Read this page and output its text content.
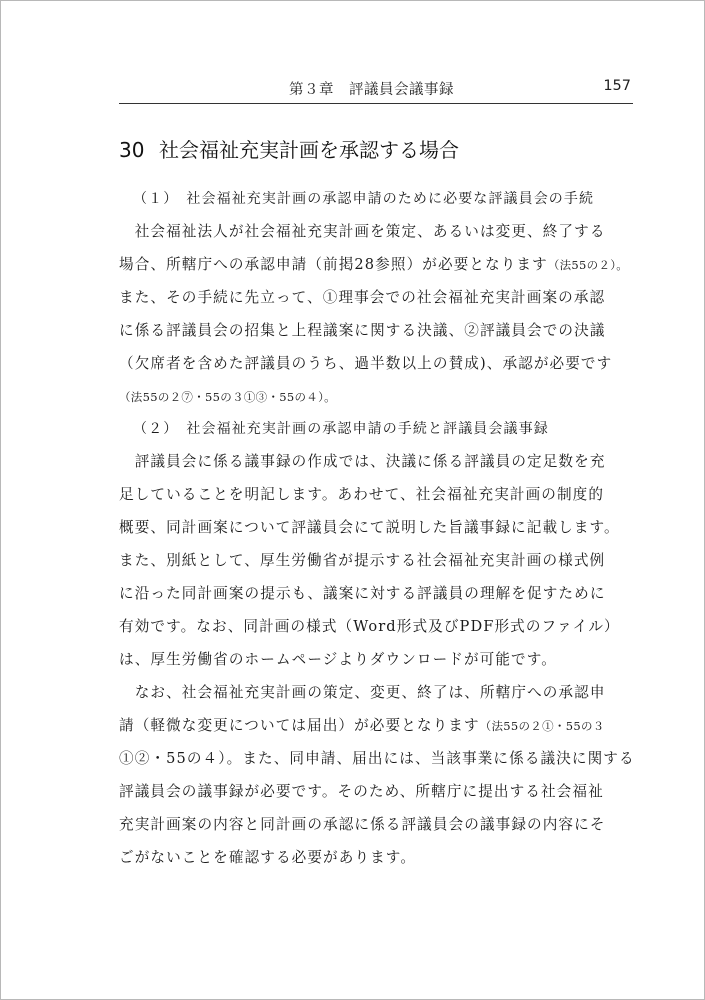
第３章　評議員会議事録	157
30 社会福祉充実計画を承認する場合
（１）　社会福祉充実計画の承認申請のために必要な評議員会の手続
　社会福祉法人が社会福祉充実計画を策定、あるいは変更、終了する
場合、所轄庁への承認申請（前掲28参照）が必要となります（法55の２）。
また、その手続に先立って、①理事会での社会福祉充実計画案の承認
に係る評議員会の招集と上程議案に関する決議、②評議員会での決議
（欠席者を含めた評議員のうち、過半数以上の賛成)、承認が必要です
（法55の２⑦・55の３①③・55の４）。
（２）　社会福祉充実計画の承認申請の手続と評議員会議事録
　評議員会に係る議事録の作成では、決議に係る評議員の定足数を充
足していることを明記します。あわせて、社会福祉充実計画の制度的
概要、同計画案について評議員会にて説明した旨議事録に記載します。
また、別紙として、厚生労働省が提示する社会福祉充実計画の様式例
に沿った同計画案の提示も、議案に対する評議員の理解を促すために
有効です。なお、同計画の様式（Word形式及びPDF形式のファイル）
は、厚生労働省のホームページよりダウンロードが可能です。
　なお、社会福祉充実計画の策定、変更、終了は、所轄庁への承認申
請（軽微な変更については届出）が必要となります（法55の２①・55の３
①②・55の４）。また、同申請、届出には、当該事業に係る議決に関する
評議員会の議事録が必要です。そのため、所轄庁に提出する社会福祉
充実計画案の内容と同計画の承認に係る評議員会の議事録の内容にそ
ごがないことを確認する必要があります。
